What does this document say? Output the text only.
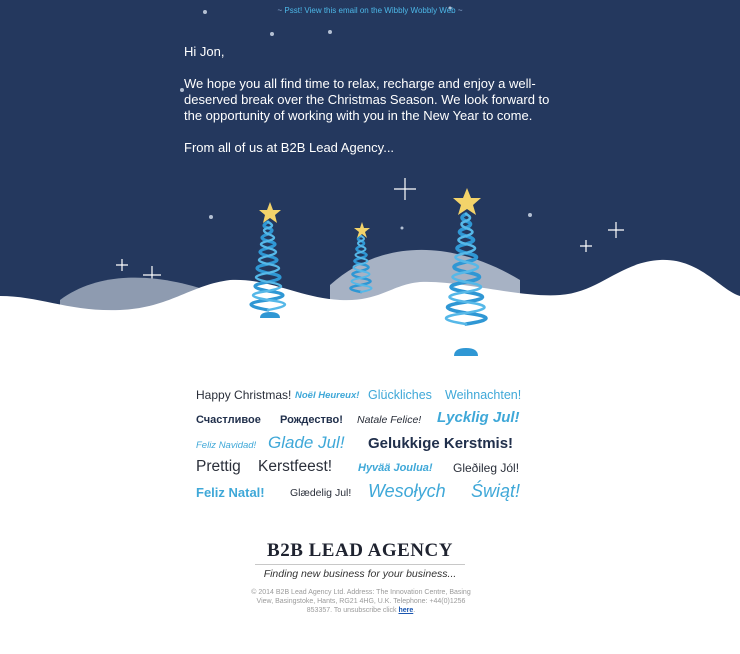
~ Psst! View this email on the Wibbly Wobbly Web ~

Hi Jon,

We hope you all find time to relax, recharge and enjoy a well-deserved break over the Christmas Season. We look forward to the opportunity of working with you in the New Year to come.

From all of us at B2B Lead Agency...

Happy Christmas! Noël Heureux! Glückliches Weihnachten!
Счастливое Рождество! Natale Felice! Lycklig Jul!
Feliz Navidad! Glade Jul! Gelukkige Kerstmis!
Prettig Kerstfeest! Hyvää Joulua! Gleðileg Jól!
Feliz Natal! Glædelig Jul! Wesołych Świąt!
B2B LEAD AGENCY
Finding new business for your business...
© 2014 B2B Lead Agency Ltd. Address: The Innovation Centre, Basing View, Basingstoke, Hants, RG21 4HG, U.K. Telephone: +44(0)1256 853357. To unsubscribe click here.
